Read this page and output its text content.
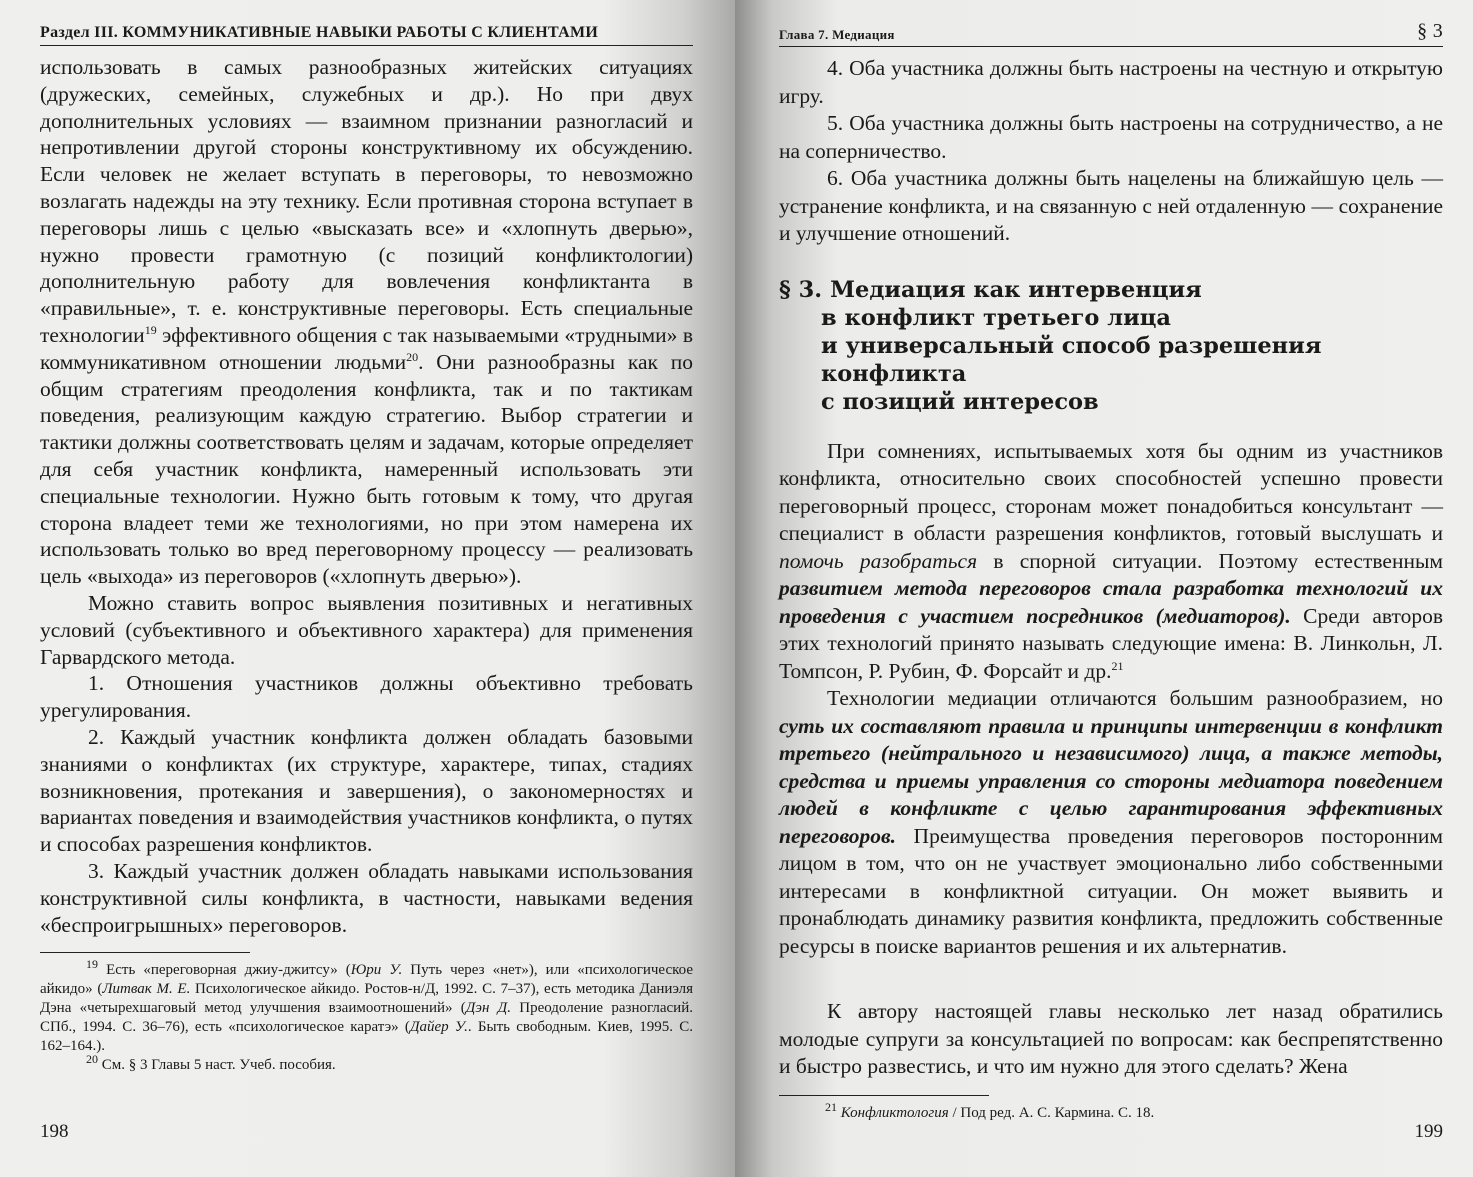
Раздел III. КОММУНИКАТИВНЫЕ НАВЫКИ РАБОТЫ С КЛИЕНТАМИ

использовать в самых разнообразных житейских ситуациях (дружеских, семейных, служебных и др.). Но при двух дополнительных условиях — взаимном признании разногласий и непротивлении другой стороны конструктивному их обсуждению. Если человек не желает вступать в переговоры, то невозможно возлагать надежды на эту технику. Если противная сторона вступает в переговоры лишь с целью «высказать все» и «хлопнуть дверью», нужно провести грамотную (с позиций конфликтологии) дополнительную работу для вовлечения конфликтанта в «правильные», т. е. конструктивные переговоры. Есть специальные технологии$^{19}$ эффективного общения с так называемыми «трудными» в коммуникативном отношении людьми$^{20}$. Они разнообразны как по общим стратегиям преодоления конфликта, так и по тактикам поведения, реализующим каждую стратегию. Выбор стратегии и тактики должны соответствовать целям и задачам, которые определяет для себя участник конфликта, намеренный использовать эти специальные технологии. Нужно быть готовым к тому, что другая сторона владеет теми же технологиями, но при этом намерена их использовать только во вред переговорному процессу — реализовать цель «выхода» из переговоров («хлопнуть дверью»).

Можно ставить вопрос выявления позитивных и негативных условий (субъективного и объективного характера) для применения Гарвардского метода.

1. Отношения участников должны объективно требовать урегулирования.

2. Каждый участник конфликта должен обладать базовыми знаниями о конфликтах (их структуре, характере, типах, стадиях возникновения, протекания и завершения), о закономерностях и вариантах поведения и взаимодействия участников конфликта, о путях и способах разрешения конфликтов.

3. Каждый участник должен обладать навыками использования конструктивной силы конфликта, в частности, навыками ведения «беспроигрышных» переговоров.

$^{19}$ Есть «переговорная джиу-джитсу» (Юри У. Путь через «нет»), или «психологическое айкидо» (Литвак М. Е. Психологическое айкидо. Ростов-н/Д, 1992. С. 7–37), есть методика Даниэля Дэна «четырехшаговый метод улучшения взаимоотношений» (Дэн Д. Преодоление разногласий. СПб., 1994. С. 36–76), есть «психологическое каратэ» (Дайер У.. Быть свободным. Киев, 1995. С. 162–164.).
$^{20}$ См. § 3 Главы 5 наст. Учеб. пособия.
198
Глава 7. Медиация	§ 3

4. Оба участника должны быть настроены на честную и открытую игру.

5. Оба участника должны быть настроены на сотрудничество, а не на соперничество.

6. Оба участника должны быть нацелены на ближайшую цель — устранение конфликта, и на связанную с ней отдаленную — сохранение и улучшение отношений.

§ 3. Медиация как интервенция
в конфликт третьего лица
и универсальный способ разрешения конфликта
с позиций интересов

При сомнениях, испытываемых хотя бы одним из участников конфликта, относительно своих способностей успешно провести переговорный процесс, сторонам может понадобиться консультант — специалист в области разрешения конфликтов, готовый выслушать и помочь разобраться в спорной ситуации. Поэтому естественным развитием метода переговоров стала разработка технологий их проведения с участием посредников (медиаторов). Среди авторов этих технологий принято называть следующие имена: В. Линкольн, Л. Томпсон, Р. Рубин, Ф. Форсайт и др.$^{21}$

Технологии медиации отличаются большим разнообразием, но суть их составляют правила и принципы интервенции в конфликт третьего (нейтрального и независимого) лица, а также методы, средства и приемы управления со стороны медиатора поведением людей в конфликте с целью гарантирования эффективных переговоров. Преимущества проведения переговоров посторонним лицом в том, что он не участвует эмоционально либо собственными интересами в конфликтной ситуации. Он может выявить и пронаблюдать динамику развития конфликта, предложить собственные ресурсы в поиске вариантов решения и их альтернатив.

К автору настоящей главы несколько лет назад обратились молодые супруги за консультацией по вопросам: как беспрепятственно и быстро развестись, и что им нужно для этого сделать? Жена

$^{21}$ Конфликтология / Под ред. А. С. Кармина. С. 18.
199
